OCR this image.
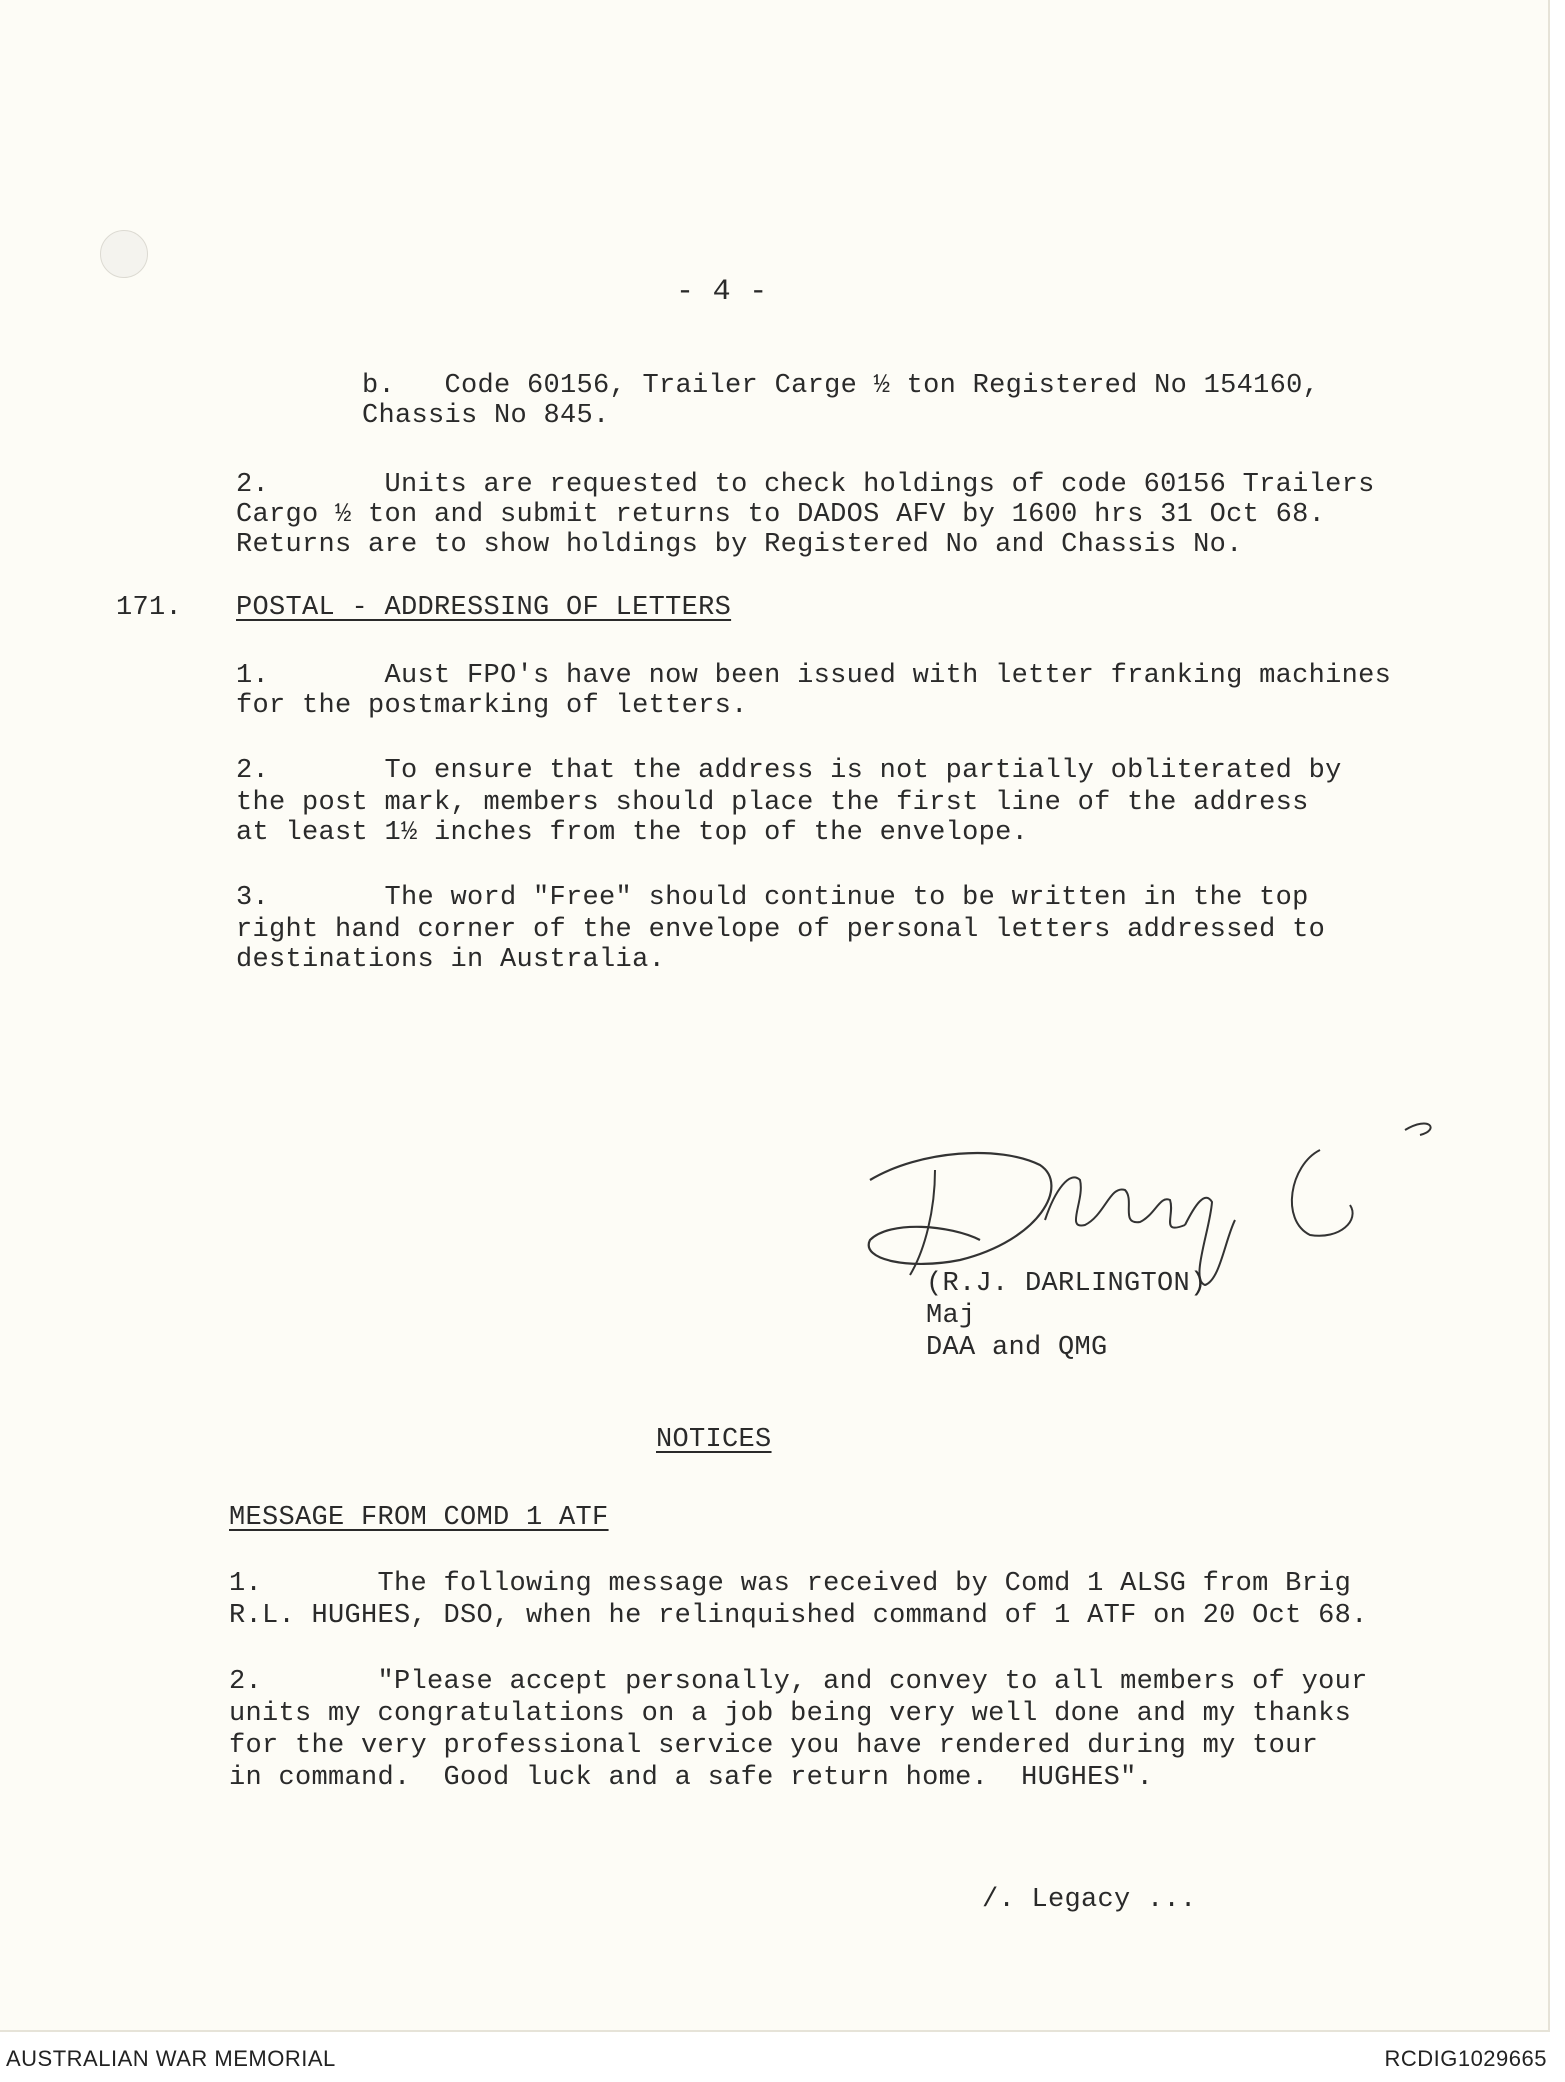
- 4 -
b.   Code 60156, Trailer Carge ½ ton Registered No 154160,
Chassis No 845.
2.       Units are requested to check holdings of code 60156 Trailers
Cargo ½ ton and submit returns to DADOS AFV by 1600 hrs 31 Oct 68.
Returns are to show holdings by Registered No and Chassis No.
171. POSTAL - ADDRESSING OF LETTERS
1.       Aust FPO's have now been issued with letter franking machines
for the postmarking of letters.
2.       To ensure that the address is not partially obliterated by
the post mark, members should place the first line of the address
at least 1½ inches from the top of the envelope.
3.       The word "Free" should continue to be written in the top
right hand corner of the envelope of personal letters addressed to
destinations in Australia.
(R.J. DARLINGTON)
Maj
DAA and QMG
NOTICES
MESSAGE FROM COMD 1 ATF
1.       The following message was received by Comd 1 ALSG from Brig
R.L. HUGHES, DSO, when he relinquished command of 1 ATF on 20 Oct 68.
2.       "Please accept personally, and convey to all members of your
units my congratulations on a job being very well done and my thanks
for the very professional service you have rendered during my tour
in command.  Good luck and a safe return home.  HUGHES".
/. Legacy ...
AUSTRALIAN WAR MEMORIAL	RCDIG1029665
